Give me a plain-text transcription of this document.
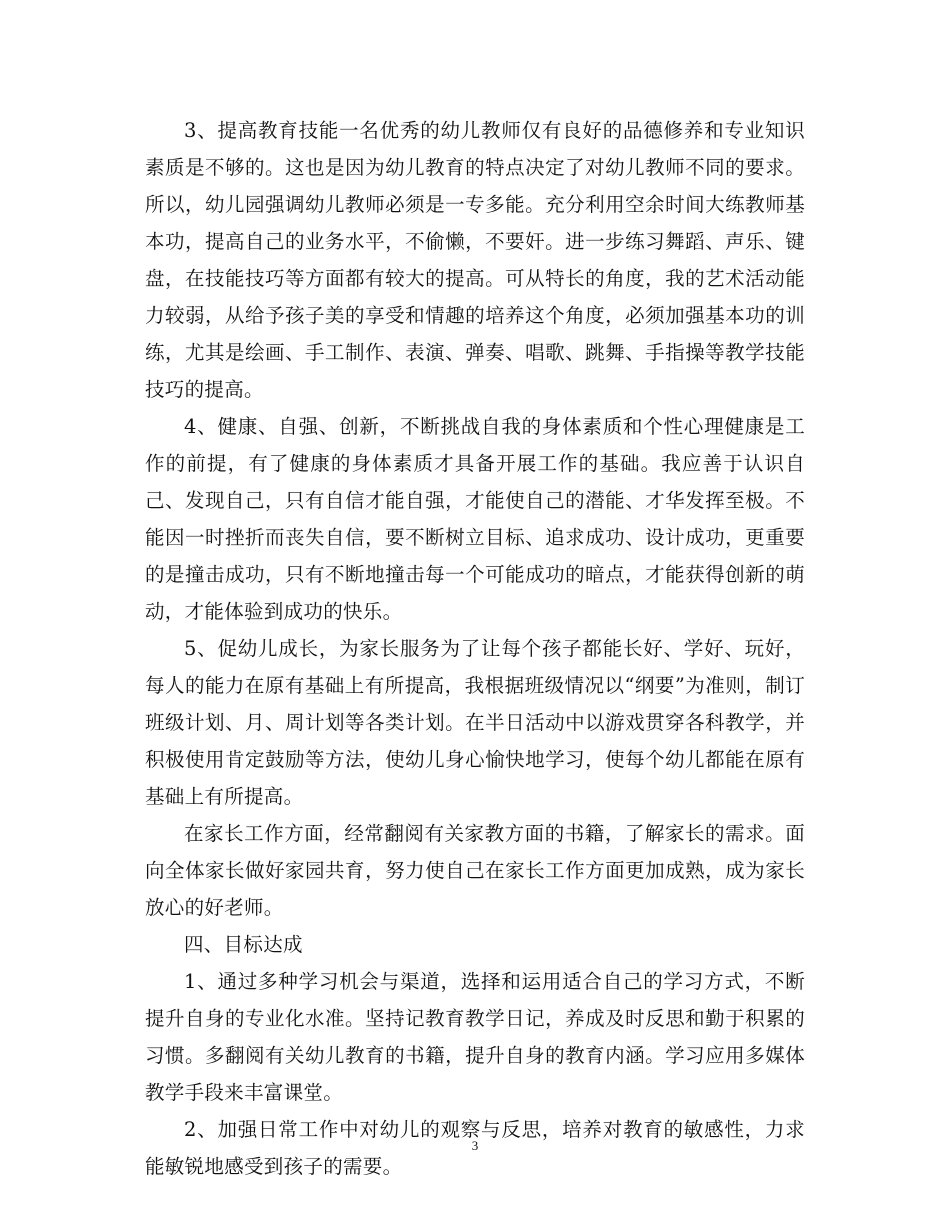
3、提高教育技能一名优秀的幼儿教师仅有良好的品德修养和专业知识素质是不够的。这也是因为幼儿教育的特点决定了对幼儿教师不同的要求。所以，幼儿园强调幼儿教师必须是一专多能。充分利用空余时间大练教师基本功，提高自己的业务水平，不偷懒，不要奸。进一步练习舞蹈、声乐、键盘，在技能技巧等方面都有较大的提高。可从特长的角度，我的艺术活动能力较弱，从给予孩子美的享受和情趣的培养这个角度，必须加强基本功的训练，尤其是绘画、手工制作、表演、弹奏、唱歌、跳舞、手指操等教学技能技巧的提高。

4、健康、自强、创新，不断挑战自我的身体素质和个性心理健康是工作的前提，有了健康的身体素质才具备开展工作的基础。我应善于认识自己、发现自己，只有自信才能自强，才能使自己的潜能、才华发挥至极。不能因一时挫折而丧失自信，要不断树立目标、追求成功、设计成功，更重要的是撞击成功，只有不断地撞击每一个可能成功的暗点，才能获得创新的萌动，才能体验到成功的快乐。

5、促幼儿成长，为家长服务为了让每个孩子都能长好、学好、玩好，每人的能力在原有基础上有所提高，我根据班级情况以“纲要”为准则，制订班级计划、月、周计划等各类计划。在半日活动中以游戏贯穿各科教学，并积极使用肯定鼓励等方法，使幼儿身心愉快地学习，使每个幼儿都能在原有基础上有所提高。

在家长工作方面，经常翻阅有关家教方面的书籍，了解家长的需求。面向全体家长做好家园共育，努力使自己在家长工作方面更加成熟，成为家长放心的好老师。

四、目标达成

1、通过多种学习机会与渠道，选择和运用适合自己的学习方式，不断提升自身的专业化水准。坚持记教育教学日记，养成及时反思和勤于积累的习惯。多翻阅有关幼儿教育的书籍，提升自身的教育内涵。学习应用多媒体教学手段来丰富课堂。

2、加强日常工作中对幼儿的观察与反思，培养对教育的敏感性，力求能敏锐地感受到孩子的需要。

3
